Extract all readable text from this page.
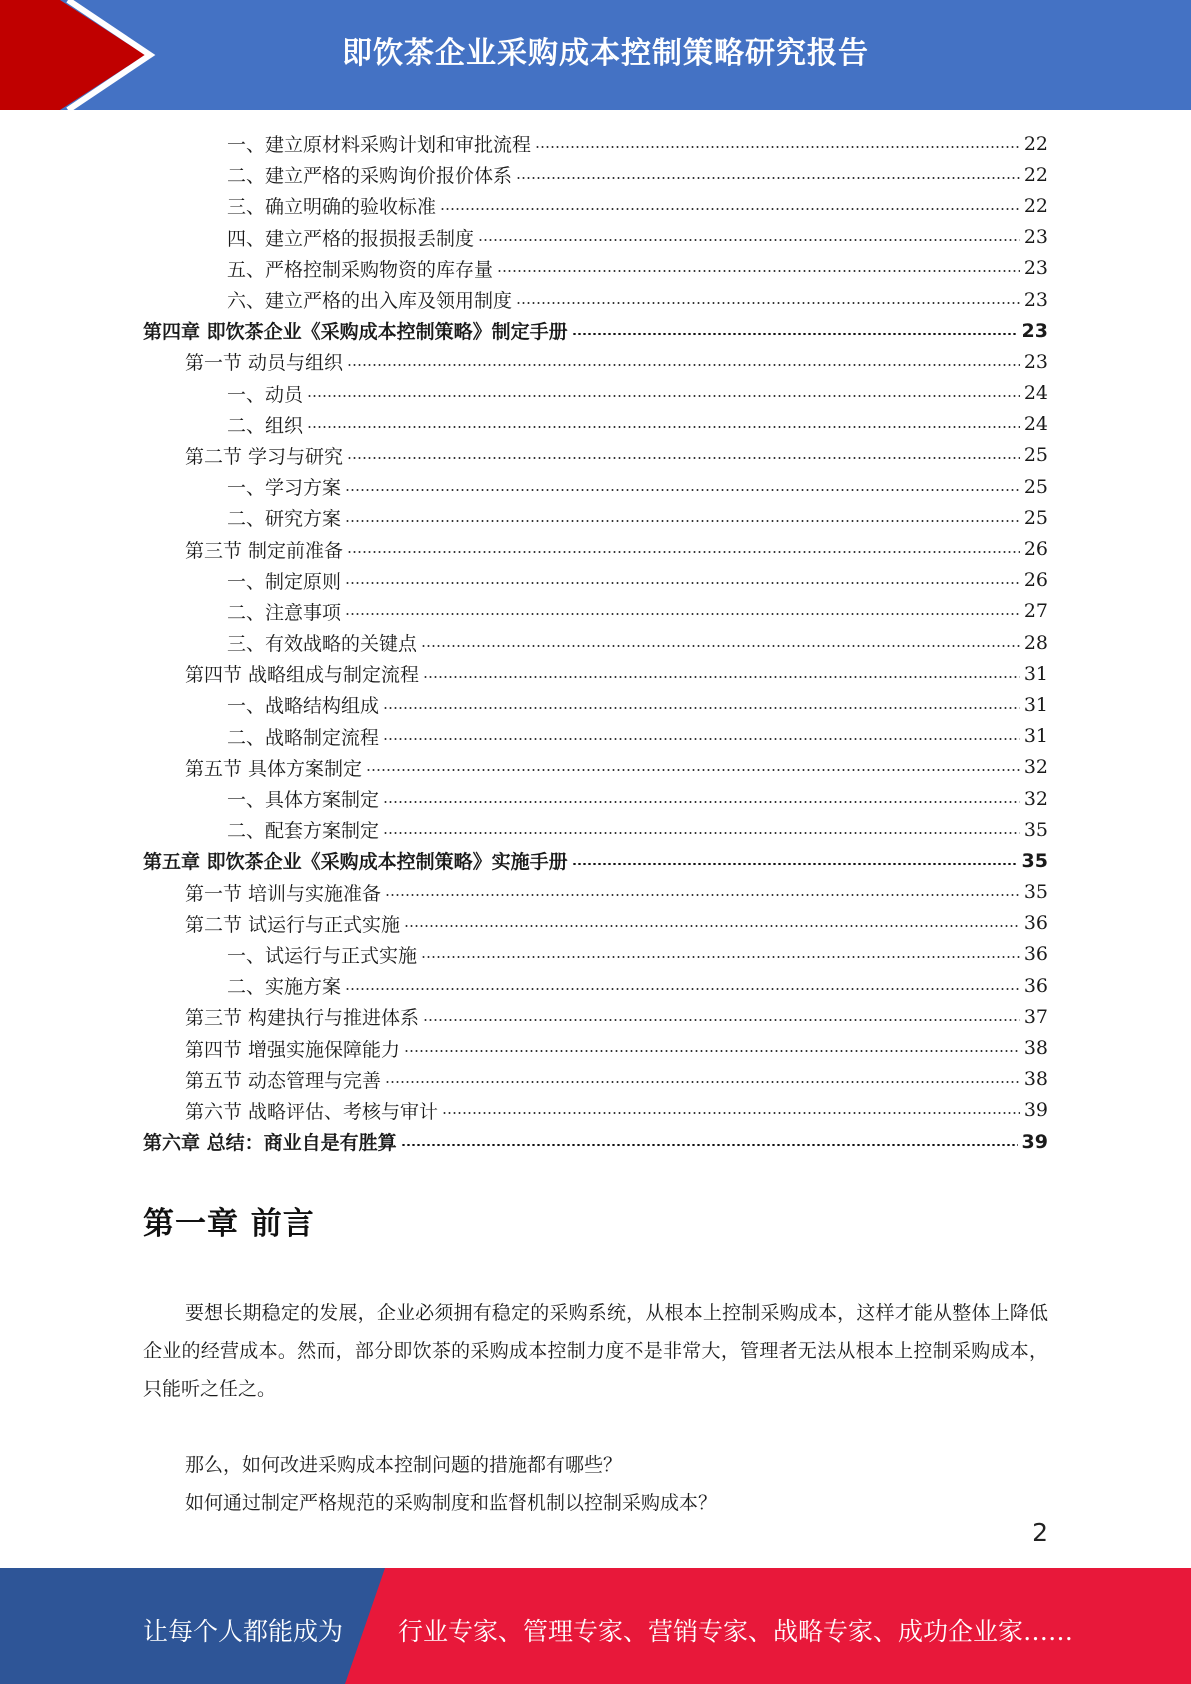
即饮茶企业采购成本控制策略研究报告
一、建立原材料采购计划和审批流程	22
二、建立严格的采购询价报价体系	22
三、确立明确的验收标准	22
四、建立严格的报损报丢制度	23
五、严格控制采购物资的库存量	23
六、建立严格的出入库及领用制度	23
第四章 即饮茶企业《采购成本控制策略》制定手册	23
第一节 动员与组织	23
一、动员	24
二、组织	24
第二节 学习与研究	25
一、学习方案	25
二、研究方案	25
第三节 制定前准备	26
一、制定原则	26
二、注意事项	27
三、有效战略的关键点	28
第四节 战略组成与制定流程	31
一、战略结构组成	31
二、战略制定流程	31
第五节 具体方案制定	32
一、具体方案制定	32
二、配套方案制定	35
第五章 即饮茶企业《采购成本控制策略》实施手册	35
第一节 培训与实施准备	35
第二节 试运行与正式实施	36
一、试运行与正式实施	36
二、实施方案	36
第三节 构建执行与推进体系	37
第四节 增强实施保障能力	38
第五节 动态管理与完善	38
第六节 战略评估、考核与审计	39
第六章 总结：商业自是有胜算	39
第一章 前言
要想长期稳定的发展，企业必须拥有稳定的采购系统，从根本上控制采购成本，这样才能从整体上降低企业的经营成本。然而，部分即饮茶的采购成本控制力度不是非常大，管理者无法从根本上控制采购成本，只能听之任之。
那么，如何改进采购成本控制问题的措施都有哪些？
如何通过制定严格规范的采购制度和监督机制以控制采购成本？
2
让每个人都能成为 行业专家、管理专家、营销专家、战略专家、成功企业家……
